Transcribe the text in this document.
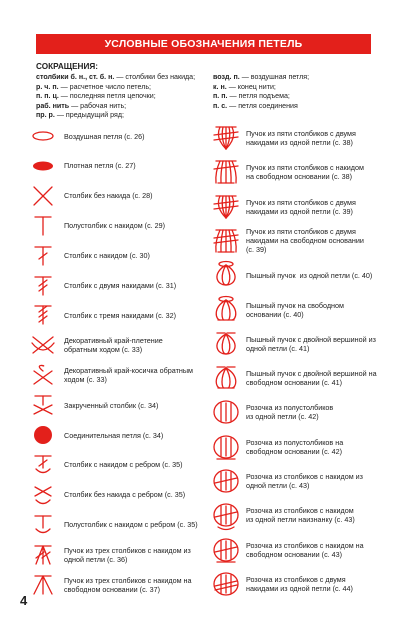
УСЛОВНЫЕ ОБОЗНАЧЕНИЯ ПЕТЕЛЬ
СОКРАЩЕНИЯ:
столбики б. н., ст. б. н. — столбики без накида;
р. ч. п. — расчетное число петель;
п. п. ц. — последняя петля цепочки;
раб. нить — рабочая нить;
пр. р. — предыдущий ряд;
возд. п. — воздушная петля;
к. н. — конец нити;
п. п. — петля подъема;
п. с. — петля соединения
Воздушная петля (с. 26)
Плотная петля (с. 27)
Столбик без накида (с. 28)
Полустолбик с накидом (с. 29)
Столбик с накидом (с. 30)
Столбик с двумя накидами (с. 31)
Столбик с тремя накидами (с. 32)
Декоративный край-плетение
обратным ходом (с. 33)
Декоративный край-косичка обратным
ходом (с. 33)
Закрученный столбик (с. 34)
Соединительная петля (с. 34)
Столбик с накидом с ребром (с. 35)
Столбик без накида с ребром (с. 35)
Полустолбик с накидом с ребром (с. 35)
Пучок из трех столбиков с накидом из
одной петли (с. 36)
Пучок из трех столбиков с накидом на
свободном основании (с. 37)
Пучок из пяти столбиков с двумя
накидами из одной петли (с. 38)
Пучок из пяти столбиков с накидом
на свободном основании (с. 38)
Пучок из пяти столбиков с двумя
накидами из одной петли (с. 39)
Пучок из пяти столбиков с двумя
накидами на свободном основании
(с. 39)
Пышный пучок  из одной петли (с. 40)
Пышный пучок на свободном
основании (с. 40)
Пышный пучок с двойной вершиной из
одной петли (с. 41)
Пышный пучок с двойной вершиной на
свободном основании (с. 41)
Розочка из полустолбиков
из одной петли (с. 42)
Розочка из полустолбиков на
свободном основании (с. 42)
Розочка из столбиков с накидом из
одной петли (с. 43)
Розочка из столбиков с накидом
из одной петли наизнанку (с. 43)
Розочка из столбиков с накидом на
свободном основании (с. 43)
Розочка из столбиков с двумя
накидами из одной петли (с. 44)
4
